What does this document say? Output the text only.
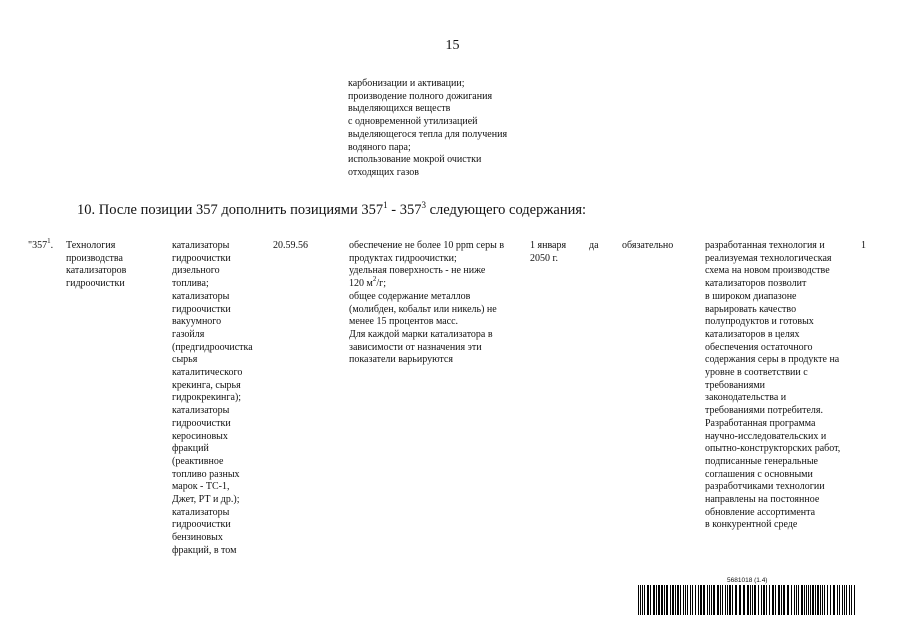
15
карбонизации и активации;
производение полного дожигания
выделяющихся веществ
с одновременной утилизацией
выделяющегося тепла для получения
водяного пара;
использование мокрой очистки
отходящих газов
10. После позиции 357 дополнить позициями $357^1 - 357^3$ следующего содержания:
"$357^1$. Технология
производства
катализаторов
гидроочистки
катализаторы
гидроочистки
дизельного
топлива;
катализаторы
гидроочистки
вакуумного
газойля
(предгидроочистка
сырья
каталитического
крекинга, сырья
гидрокрекинга);
катализаторы
гидроочистки
керосиновых
фракций
(реактивное
топливо разных
марок - ТС-1,
Джет, РТ и др.);
катализаторы
гидроочистки
бензиновых
фракций, в том
20.59.56	обеспечение не более 10 ppm серы в
продуктах гидроочистки;
удельная поверхность - не ниже
120 $м^2/г$;
общее содержание металлов
(молибден, кобальт или никель) не
менее 15 процентов масс.
Для каждой марки катализатора в
зависимости от назначения эти
показатели варьируются
1 января
2050 г.
да обязательно	разработанная технология и
реализуемая технологическая
схема на новом производстве
катализаторов позволит
в широком диапазоне
варьировать качество
полупродуктов и готовых
катализаторов в целях
обеспечения остаточного
содержания серы в продукте на
уровне в соответствии с
требованиями
законодательства и
требованиями потребителя.
Разработанная программа
научно-исследовательских и
опытно-конструкторских работ,
подписанные генеральные
соглашения с основными
разработчиками технологии
направлены на постоянное
обновление ассортимента
в конкурентной среде
1
5681018 (1.4)
